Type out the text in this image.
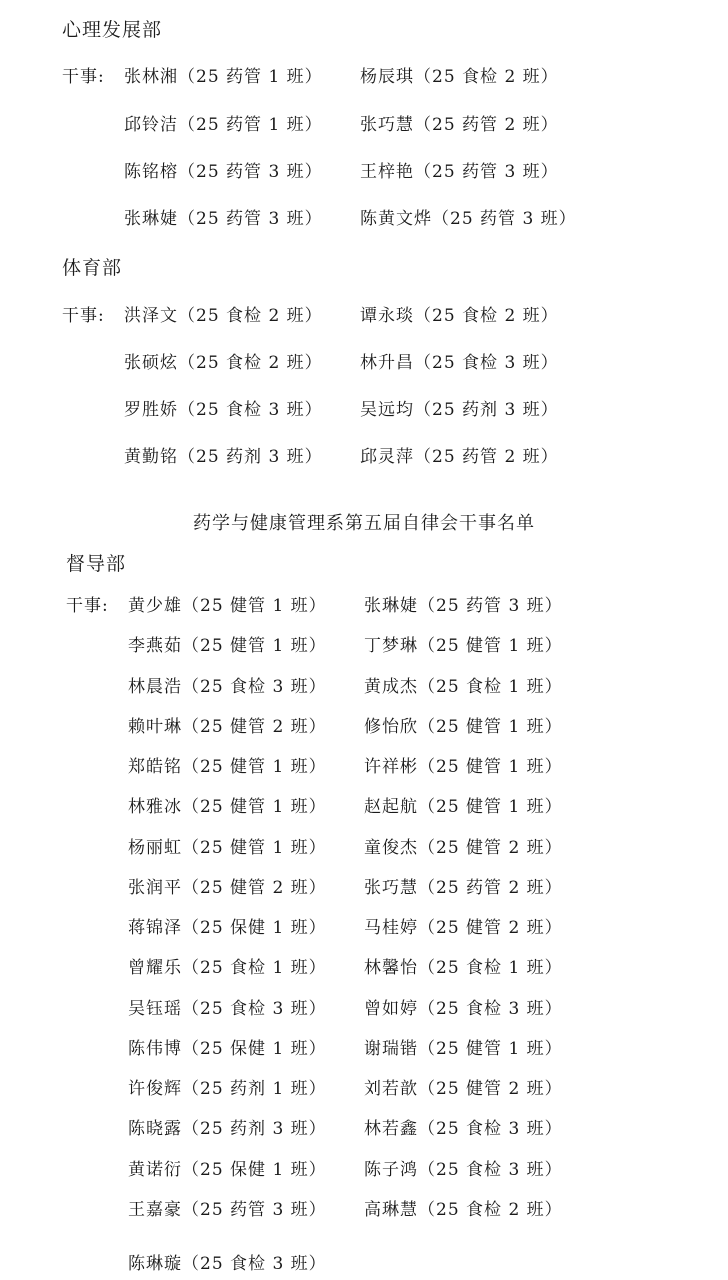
心理发展部
干事: 张林湘（25 药管 1 班） 杨辰琪（25 食检 2 班）
邱铃洁（25 药管 1 班） 张巧慧（25 药管 2 班）
陈铭榕（25 药管 3 班） 王梓艳（25 药管 3 班）
张琳婕（25 药管 3 班） 陈黄文烨（25 药管 3 班）
体育部
干事: 洪泽文（25 食检 2 班） 谭永琰（25 食检 2 班）
张硕炫（25 食检 2 班） 林升昌（25 食检 3 班）
罗胜娇（25 食检 3 班） 吴远均（25 药剂 3 班）
黄勤铭（25 药剂 3 班） 邱灵萍（25 药管 2 班）
药学与健康管理系第五届自律会干事名单
督导部
干事: 黄少雄（25 健管 1 班） 张琳婕（25 药管 3 班）
李燕茹（25 健管 1 班） 丁梦琳（25 健管 1 班）
林晨浩（25 食检 3 班） 黄成杰（25 食检 1 班）
赖叶琳（25 健管 2 班） 修怡欣（25 健管 1 班）
郑皓铭（25 健管 1 班） 许祥彬（25 健管 1 班）
林雅冰（25 健管 1 班） 赵起航（25 健管 1 班）
杨丽虹（25 健管 1 班） 童俊杰（25 健管 2 班）
张润平（25 健管 2 班） 张巧慧（25 药管 2 班）
蒋锦泽（25 保健 1 班） 马桂婷（25 健管 2 班）
曾耀乐（25 食检 1 班） 林馨怡（25 食检 1 班）
吴钰瑶（25 食检 3 班） 曾如婷（25 食检 3 班）
陈伟博（25 保健 1 班） 谢瑞锴（25 健管 1 班）
许俊辉（25 药剂 1 班） 刘若歆（25 健管 2 班）
陈晓露（25 药剂 3 班） 林若鑫（25 食检 3 班）
黄诺衍（25 保健 1 班） 陈子鸿（25 食检 3 班）
王嘉豪（25 药管 3 班） 高琳慧（25 食检 2 班）
陈琳璇（25 食检 3 班）
